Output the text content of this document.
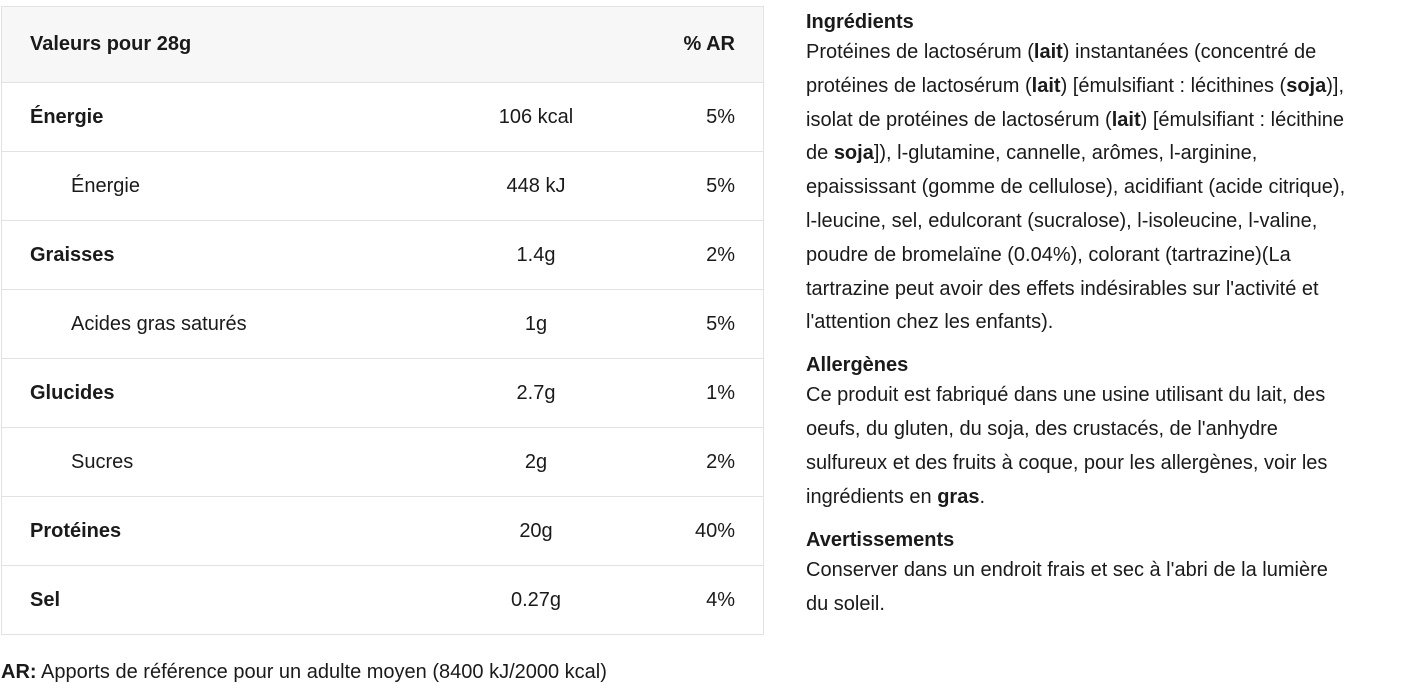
Valeurs pour 28g		% AR
Énergie	106 kcal	5%
Énergie	448 kJ	5%
Graisses	1.4g	2%
Acides gras saturés	1g	5%
Glucides	2.7g	1%
Sucres	2g	2%
Protéines	20g	40%
Sel	0.27g	4%

AR: Apports de référence pour un adulte moyen (8400 kJ/2000 kcal)

Ingrédients

Protéines de lactosérum (lait) instantanées (concentré de

protéines de lactosérum (lait) [émulsifiant : lécithines (soja)],

isolat de protéines de lactosérum (lait) [émulsifiant : lécithine

de soja]), l-glutamine, cannelle, arômes, l-arginine,

epaississant (gomme de cellulose), acidifiant (acide citrique),

l-leucine, sel, edulcorant (sucralose), l-isoleucine, l-valine,

poudre de bromelaïne (0.04%), colorant (tartrazine)(La

tartrazine peut avoir des effets indésirables sur l'activité et

l'attention chez les enfants).

Allergènes

Ce produit est fabriqué dans une usine utilisant du lait, des

oeufs, du gluten, du soja, des crustacés, de l'anhydre

sulfureux et des fruits à coque, pour les allergènes, voir les

ingrédients en gras.

Avertissements

Conserver dans un endroit frais et sec à l'abri de la lumière

du soleil.
